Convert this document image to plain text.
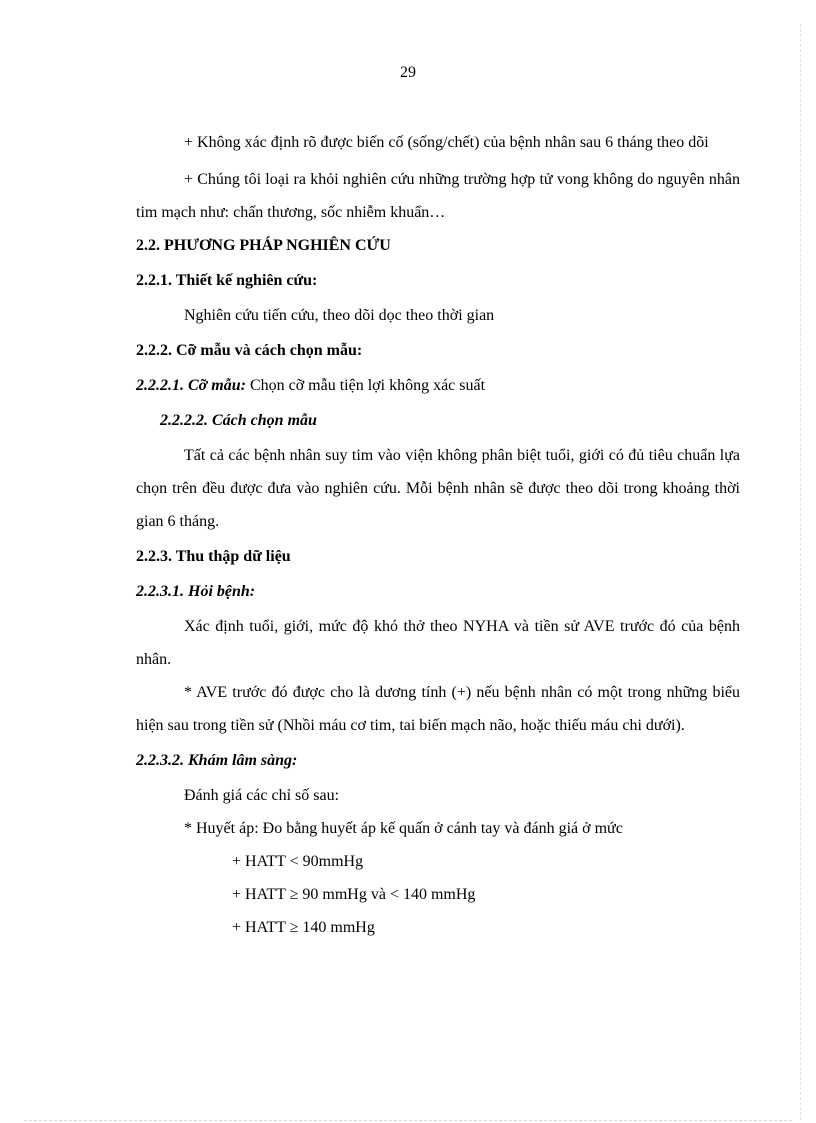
29

+ Không xác định rõ được biến cố (sống/chết) của bệnh nhân sau 6 tháng theo dõi

+ Chúng tôi loại ra khỏi nghiên cứu những trường hợp tử vong không do nguyên nhân tim mạch như: chấn thương, sốc nhiễm khuẩn…

2.2. PHƯƠNG PHÁP NGHIÊN CỨU

2.2.1. Thiết kế nghiên cứu:

Nghiên cứu tiến cứu, theo dõi dọc theo thời gian

2.2.2. Cỡ mẫu và cách chọn mẫu:

2.2.2.1. Cỡ mẫu: Chọn cỡ mẫu tiện lợi không xác suất

2.2.2.2. Cách chọn mẫu

Tất cả các bệnh nhân suy tim vào viện không phân biệt tuổi, giới có đủ tiêu chuẩn lựa chọn trên đều được đưa vào nghiên cứu. Mỗi bệnh nhân sẽ được theo dõi trong khoảng thời gian 6 tháng.

2.2.3. Thu thập dữ liệu

2.2.3.1. Hỏi bệnh:

Xác định tuổi, giới, mức độ khó thở theo NYHA và tiền sử AVE trước đó của bệnh nhân.

* AVE trước đó được cho là dương tính (+) nếu bệnh nhân có một trong những biểu hiện sau trong tiền sử (Nhồi máu cơ tim, tai biến mạch não, hoặc thiếu máu chi dưới).

2.2.3.2. Khám lâm sàng:

Đánh giá các chỉ số sau:

* Huyết áp: Đo bằng huyết áp kế quấn ở cánh tay và đánh giá ở mức

+ HATT < 90mmHg

+ HATT ≥ 90 mmHg và < 140 mmHg

+ HATT ≥ 140 mmHg
